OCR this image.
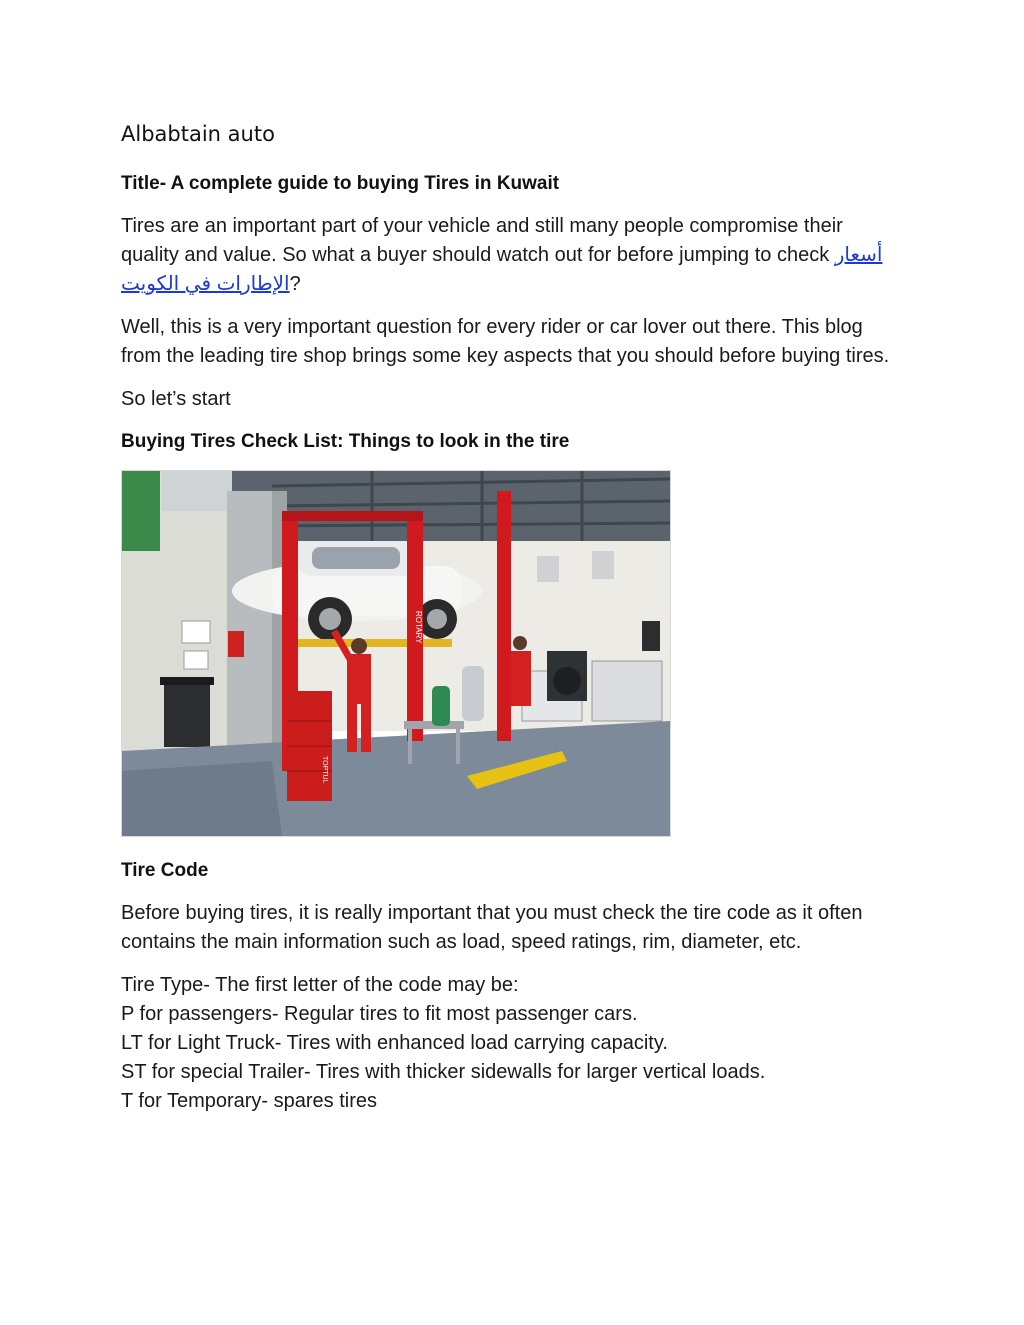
Albabtain auto
Title- A complete guide to buying Tires in Kuwait

Tires are an important part of your vehicle and still many people compromise their quality and value. So what a buyer should watch out for before jumping to check أسعار الإطارات في الكويت?

Well, this is a very important question for every rider or car lover out there. This blog from the leading tire shop brings some key aspects that you should before buying tires.

So let’s start

Buying Tires Check List: Things to look in the tire
ROTARY
TOPTUL
Tire Code

Before buying tires, it is really important that you must check the tire code as it often contains the main information such as load, speed ratings, rim, diameter, etc.

Tire Type- The first letter of the code may be:

P for passengers- Regular tires to fit most passenger cars.

LT for Light Truck- Tires with enhanced load carrying capacity.

ST for special Trailer- Tires with thicker sidewalls for larger vertical loads.

T for Temporary- spares tires
